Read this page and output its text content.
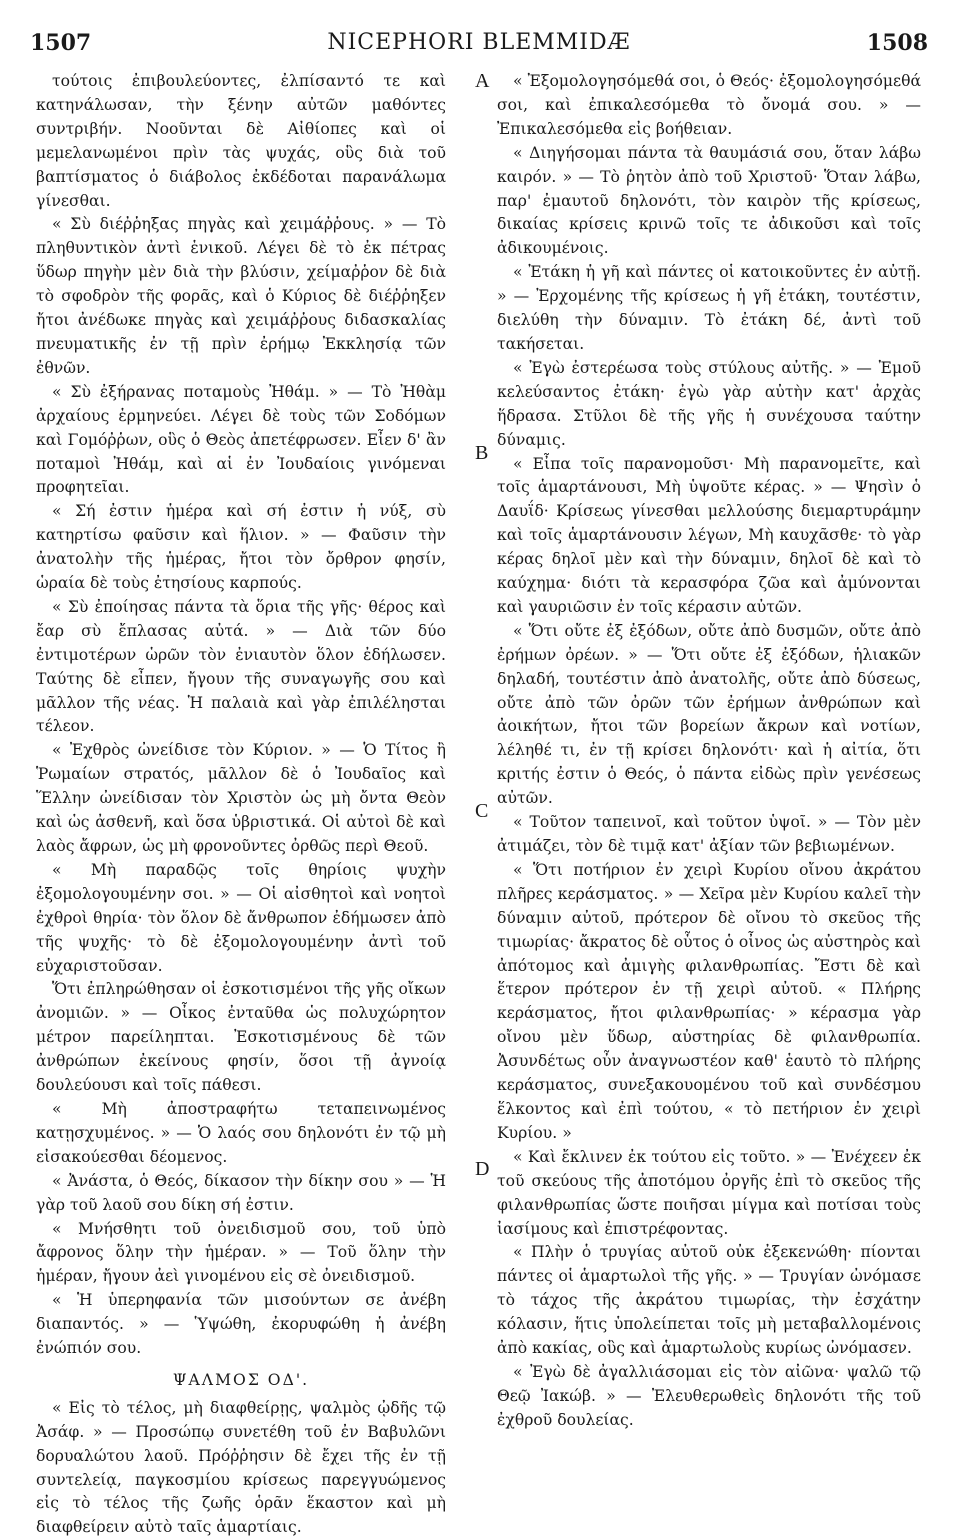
1507	NICEPHORI BLEMMIDÆ	1508
A
B
C
D

τούτοις ἐπιβουλεύοντες, ἐλπίσαντό τε καὶ κατηνάλωσαν, τὴν ξένην αὐτῶν μαθόντες συντριβήν. Νοοῦνται δὲ Αἰθίοπες καὶ οἱ μεμελανωμένοι πρὶν τὰς ψυχάς, οὓς διὰ τοῦ βαπτίσματος ὁ διάβολος ἐκδέδοται παρανάλωμα γίνεσθαι.

« Σὺ διέῤῥηξας πηγὰς καὶ χειμάῤῥους. » — Τὸ πληθυντικὸν ἀντὶ ἑνικοῦ. Λέγει δὲ τὸ ἐκ πέτρας ὕδωρ πηγὴν μὲν διὰ τὴν βλύσιν, χείμαῤῥον δὲ διὰ τὸ σφοδρὸν τῆς φορᾶς, καὶ ὁ Κύριος δὲ διέῤῥηξεν ἤτοι ἀνέδωκε πηγὰς καὶ χειμάῤῥους διδασκαλίας πνευματικῆς ἐν τῇ πρὶν ἐρήμῳ Ἐκκλησίᾳ τῶν ἐθνῶν.

« Σὺ ἐξήρανας ποταμοὺς Ἠθάμ. » — Τὸ Ἠθὰμ ἀρχαίους ἑρμηνεύει. Λέγει δὲ τοὺς τῶν Σοδόμων καὶ Γομόῤῥων, οὓς ὁ Θεὸς ἀπετέφρωσεν. Εἶεν δ' ἂν ποταμοὶ Ἠθάμ, καὶ αἱ ἐν Ἰουδαίοις γινόμεναι προφητεῖαι.

« Σή ἐστιν ἡμέρα καὶ σή ἐστιν ἡ νύξ, σὺ κατηρτίσω φαῦσιν καὶ ἥλιον. » — Φαῦσιν τὴν ἀνατολὴν τῆς ἡμέρας, ἤτοι τὸν ὄρθρον φησίν, ὡραία δὲ τοὺς ἐτησίους καρπούς.

« Σὺ ἐποίησας πάντα τὰ ὅρια τῆς γῆς· θέρος καὶ ἔαρ σὺ ἔπλασας αὐτά. » — Διὰ τῶν δύο ἐντιμοτέρων ὡρῶν τὸν ἐνιαυτὸν ὅλον ἐδήλωσεν. Ταύτης δὲ εἶπεν, ἤγουν τῆς συναγωγῆς σου καὶ μᾶλλον τῆς νέας. Ἡ παλαιὰ καὶ γὰρ ἐπιλέλησται τέλεον.

« Ἐχθρὸς ὠνείδισε τὸν Κύριον. » — Ὁ Τίτος ἢ Ῥωμαίων στρατός, μᾶλλον δὲ ὁ Ἰουδαῖος καὶ Ἕλλην ὠνείδισαν τὸν Χριστὸν ὡς μὴ ὄντα Θεὸν καὶ ὡς ἀσθενῆ, καὶ ὅσα ὑβριστικά. Οἱ αὐτοὶ δὲ καὶ λαὸς ἄφρων, ὡς μὴ φρονοῦντες ὀρθῶς περὶ Θεοῦ.

« Μὴ παραδῷς τοῖς θηρίοις ψυχὴν ἐξομολογουμένην σοι. » — Οἱ αἰσθητοὶ καὶ νοητοὶ ἐχθροὶ θηρία· τὸν ὅλον δὲ ἄνθρωπον ἐδήμωσεν ἀπὸ τῆς ψυχῆς· τὸ δὲ ἐξομολογουμένην ἀντὶ τοῦ εὐχαριστοῦσαν.

Ὅτι ἐπληρώθησαν οἱ ἐσκοτισμένοι τῆς γῆς οἴκων ἀνομιῶν. » — Οἶκος ἐνταῦθα ὡς πολυχώρητον μέτρον παρείληπται. Ἐσκοτισμένους δὲ τῶν ἀνθρώπων ἐκείνους φησίν, ὅσοι τῇ ἀγνοίᾳ δουλεύουσι καὶ τοῖς πάθεσι.

« Μὴ ἀποστραφήτω τεταπεινωμένος κατῃσχυμένος. » — Ὁ λαός σου δηλονότι ἐν τῷ μὴ εἰσακούεσθαι δέομενος.

« Ἀνάστα, ὁ Θεός, δίκασον τὴν δίκην σου » — Ἡ γὰρ τοῦ λαοῦ σου δίκη σή ἐστιν.

« Μνήσθητι τοῦ ὀνειδισμοῦ σου, τοῦ ὑπὸ ἄφρονος ὅλην τὴν ἡμέραν. » — Τοῦ ὅλην τὴν ἡμέραν, ἤγουν ἀεὶ γινομένου εἰς σὲ ὀνειδισμοῦ.

« Ἡ ὑπερηφανία τῶν μισούντων σε ἀνέβη διαπαντός. » — Ὑψώθη, ἐκορυφώθη ἡ ἀνέβη ἐνώπιόν σου.

ΨΑΛΜΟΣ ΟΔ'.

« Εἰς τὸ τέλος, μὴ διαφθείρῃς, ψαλμὸς ᾠδῆς τῷ Ἀσάφ. » — Προσώπῳ συνετέθη τοῦ ἐν Βαβυλῶνι δορυαλώτου λαοῦ. Πρόῤῥησιν δὲ ἔχει τῆς ἐν τῇ συντελείᾳ, παγκοσμίου κρίσεως παρεγγυώμενος εἰς τὸ τέλος τῆς ζωῆς ὁρᾶν ἕκαστον καὶ μὴ διαφθείρειν αὐτὸ ταῖς ἁμαρτίαις.

« Ἐξομολογησόμεθά σοι, ὁ Θεός· ἐξομολογησόμεθά σοι, καὶ ἐπικαλεσόμεθα τὸ ὄνομά σου. » — Ἐπικαλεσόμεθα εἰς βοήθειαν.

« Διηγήσομαι πάντα τὰ θαυμάσιά σου, ὅταν λάβω καιρόν. » — Τὸ ῥητὸν ἀπὸ τοῦ Χριστοῦ· Ὅταν λάβω, παρ' ἐμαυτοῦ δηλονότι, τὸν καιρὸν τῆς κρίσεως, δικαίας κρίσεις κρινῶ τοῖς τε ἀδικοῦσι καὶ τοῖς ἀδικουμένοις.

« Ἐτάκη ἡ γῆ καὶ πάντες οἱ κατοικοῦντες ἐν αὐτῇ. » — Ἐρχομένης τῆς κρίσεως ἡ γῆ ἐτάκη, τουτέστιν, διελύθη τὴν δύναμιν. Τὸ ἐτάκη δέ, ἀντὶ τοῦ τακήσεται.

« Ἐγὼ ἐστερέωσα τοὺς στύλους αὐτῆς. » — Ἐμοῦ κελεύσαντος ἐτάκη· ἐγὼ γὰρ αὐτὴν κατ' ἀρχὰς ἥδρασα. Στῦλοι δὲ τῆς γῆς ἡ συνέχουσα ταύτην δύναμις.

« Εἶπα τοῖς παρανομοῦσι· Μὴ παρανομεῖτε, καὶ τοῖς ἁμαρτάνουσι, Μὴ ὑψοῦτε κέρας. » — Ψησὶν ὁ Δαυΐδ· Κρίσεως γίνεσθαι μελλούσης διεμαρτυράμην καὶ τοῖς ἁμαρτάνουσιν λέγων, Μὴ καυχᾶσθε· τὸ γὰρ κέρας δηλοῖ μὲν καὶ τὴν δύναμιν, δηλοῖ δὲ καὶ τὸ καύχημα· διότι τὰ κερασφόρα ζῶα καὶ ἀμύνονται καὶ γαυριῶσιν ἐν τοῖς κέρασιν αὐτῶν.

« Ὅτι οὔτε ἐξ ἐξόδων, οὔτε ἀπὸ δυσμῶν, οὔτε ἀπὸ ἐρήμων ὀρέων. » — Ὅτι οὔτε ἐξ ἐξόδων, ἡλιακῶν δηλαδή, τουτέστιν ἀπὸ ἀνατολῆς, οὔτε ἀπὸ δύσεως, οὔτε ἀπὸ τῶν ὀρῶν τῶν ἐρήμων ἀνθρώπων καὶ ἀοικήτων, ἤτοι τῶν βορείων ἄκρων καὶ νοτίων, λέληθέ τι, ἐν τῇ κρίσει δηλονότι· καὶ ἡ αἰτία, ὅτι κριτής ἐστιν ὁ Θεός, ὁ πάντα εἰδὼς πρὶν γενέσεως αὐτῶν.

« Τοῦτον ταπεινοῖ, καὶ τοῦτον ὑψοῖ. » — Τὸν μὲν ἀτιμάζει, τὸν δὲ τιμᾷ κατ' ἀξίαν τῶν βεβιωμένων.

« Ὅτι ποτήριον ἐν χειρὶ Κυρίου οἴνου ἀκράτου πλῆρες κεράσματος. » — Χεῖρα μὲν Κυρίου καλεῖ τὴν δύναμιν αὐτοῦ, πρότερον δὲ οἴνου τὸ σκεῦος τῆς τιμωρίας· ἄκρατος δὲ οὗτος ὁ οἶνος ὡς αὐστηρὸς καὶ ἀπότομος καὶ ἀμιγὴς φιλανθρωπίας. Ἔστι δὲ καὶ ἕτερον πρότερον ἐν τῇ χειρὶ αὐτοῦ. « Πλήρης κεράσματος, ἤτοι φιλανθρωπίας· » κέρασμα γὰρ οἴνου μὲν ὕδωρ, αὐστηρίας δὲ φιλανθρωπία. Ἀσυνδέτως οὖν ἀναγνωστέον καθ' ἑαυτὸ τὸ πλήρης κεράσματος, συνεξακουομένου τοῦ καὶ συνδέσμου ἕλκοντος καὶ ἐπὶ τούτου, « τὸ πετήριον ἐν χειρὶ Κυρίου. »

« Καὶ ἔκλινεν ἐκ τούτου εἰς τοῦτο. » — Ἐνέχεεν ἐκ τοῦ σκεύους τῆς ἀποτόμου ὀργῆς ἐπὶ τὸ σκεῦος τῆς φιλανθρωπίας ὥστε ποιῆσαι μίγμα καὶ ποτίσαι τοὺς ἰασίμους καὶ ἐπιστρέφοντας.

« Πλὴν ὁ τρυγίας αὐτοῦ οὐκ ἐξεκενώθη· πίονται πάντες οἱ ἁμαρτωλοὶ τῆς γῆς. » — Τρυγίαν ὠνόμασε τὸ τάχος τῆς ἀκράτου τιμωρίας, τὴν ἐσχάτην κόλασιν, ἥτις ὑπολείπεται τοῖς μὴ μεταβαλλομένοις ἀπὸ κακίας, οὓς καὶ ἁμαρτωλοὺς κυρίως ὠνόμασεν.

« Ἐγὼ δὲ ἀγαλλιάσομαι εἰς τὸν αἰῶνα· ψαλῶ τῷ Θεῷ Ἰακώβ. » — Ἐλευθερωθεὶς δηλονότι τῆς τοῦ ἐχθροῦ δουλείας.
